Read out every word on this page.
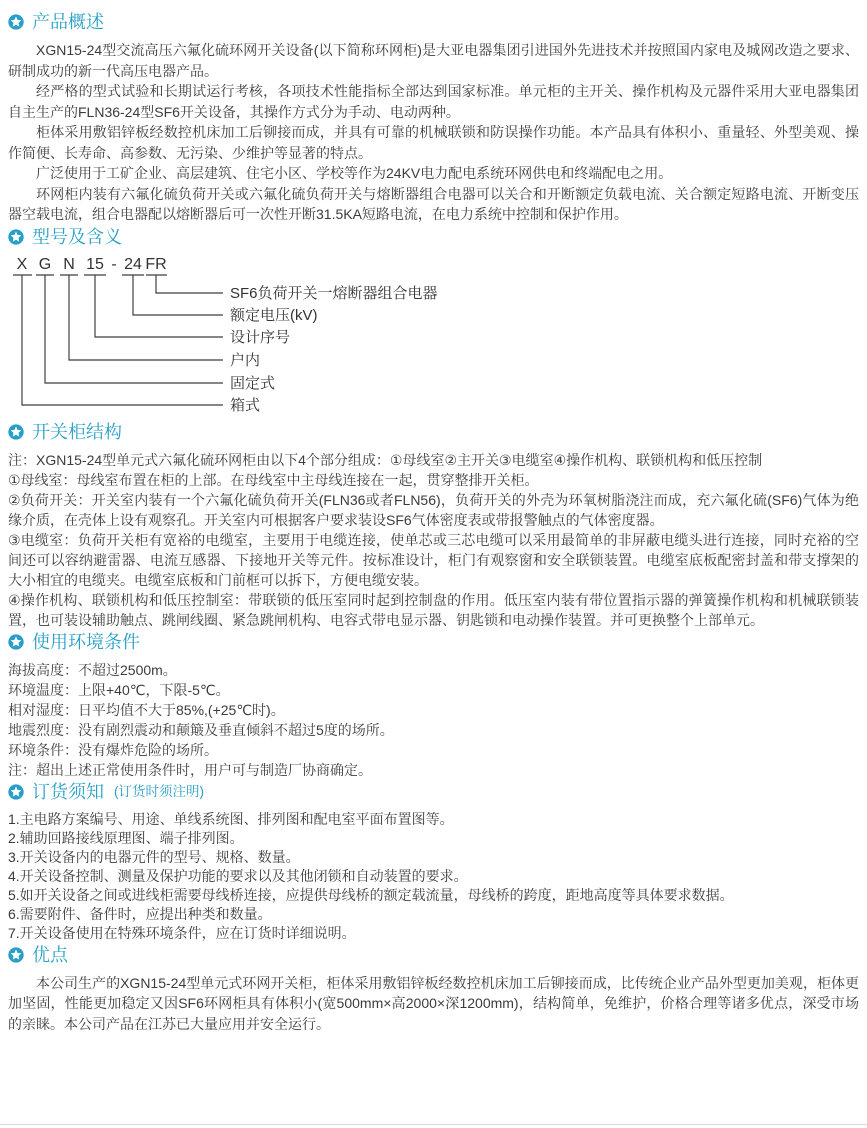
产品概述

XGN15-24型交流高压六氟化硫环网开关设备(以下简称环网柜)是大亚电器集团引进国外先进技术并按照国内家电及城网改造之要求、研制成功的新一代高压电器产品。

经严格的型式试验和长期试运行考核，各项技术性能指标全部达到国家标准。单元柜的主开关、操作机构及元器件采用大亚电器集团自主生产的FLN36-24型SF6开关设备，其操作方式分为手动、电动两种。

柜体采用敷铝锌板经数控机床加工后铆接而成，并具有可靠的机械联锁和防误操作功能。本产品具有体积小、重量轻、外型美观、操作简便、长寿命、高参数、无污染、少维护等显著的特点。

广泛使用于工矿企业、高层建筑、住宅小区、学校等作为24KV电力配电系统环网供电和终端配电之用。

环网柜内装有六氟化硫负荷开关或六氟化硫负荷开关与熔断器组合电器可以关合和开断额定负载电流、关合额定短路电流、开断变压器空载电流，组合电器配以熔断器后可一次性开断31.5KA短路电流，在电力系统中控制和保护作用。

型号及含义
X G N 15 - 24 FR
SF6负荷开关一熔断器组合电器
额定电压(kV)
设计序号
户内
固定式
箱式
开关柜结构
注：XGN15-24型单元式六氟化硫环网柜由以下4个部分组成：①母线室②主开关③电缆室④操作机构、联锁机构和低压控制
①母线室：母线室布置在柜的上部。在母线室中主母线连接在一起，贯穿整排开关柜。
②负荷开关：开关室内装有一个六氟化硫负荷开关(FLN36或者FLN56)，负荷开关的外壳为环氧树脂浇注而成，充六氟化硫(SF6)气体为绝缘介质，在壳体上设有观察孔。开关室内可根据客户要求装设SF6气体密度表或带报警触点的气体密度器。
③电缆室：负荷开关柜有宽裕的电缆室，主要用于电缆连接，使单芯或三芯电缆可以采用最简单的非屏蔽电缆头进行连接，同时充裕的空间还可以容纳避雷器、电流互感器、下接地开关等元件。按标准设计，柜门有观察窗和安全联锁装置。电缆室底板配密封盖和带支撑架的大小相宜的电缆夹。电缆室底板和门前框可以拆下，方便电缆安装。
④操作机构、联锁机构和低压控制室：带联锁的低压室同时起到控制盘的作用。低压室内装有带位置指示器的弹簧操作机构和机械联锁装置，也可装设辅助触点、跳闸线圈、紧急跳闸机构、电容式带电显示器、钥匙锁和电动操作装置。并可更换整个上部单元。
使用环境条件
海拔高度：不超过2500m。
环境温度：上限+40℃，下限-5℃。
相对湿度：日平均值不大于85%,(+25℃时)。
地震烈度：没有剧烈震动和颠簸及垂直倾斜不超过5度的场所。
环境条件：没有爆炸危险的场所。
注：超出上述正常使用条件时，用户可与制造厂协商确定。
订货须知 (订货时须注明)
1.主电路方案编号、用途、单线系统图、排列图和配电室平面布置图等。
2.辅助回路接线原理图、端子排列图。
3.开关设备内的电器元件的型号、规格、数量。
4.开关设备控制、测量及保护功能的要求以及其他闭锁和自动装置的要求。
5.如开关设备之间或进线柜需要母线桥连接，应提供母线桥的额定载流量，母线桥的跨度，距地高度等具体要求数据。
6.需要附件、备件时，应提出种类和数量。
7.开关设备使用在特殊环境条件，应在订货时详细说明。
优点

本公司生产的XGN15-24型单元式环网开关柜，柜体采用敷铝锌板经数控机床加工后铆接而成，比传统企业产品外型更加美观，柜体更加坚固，性能更加稳定又因SF6环网柜具有体积小(宽500mm×高2000×深1200mm)，结构简单，免维护，价格合理等诸多优点，深受市场的亲睐。本公司产品在江苏已大量应用并安全运行。
